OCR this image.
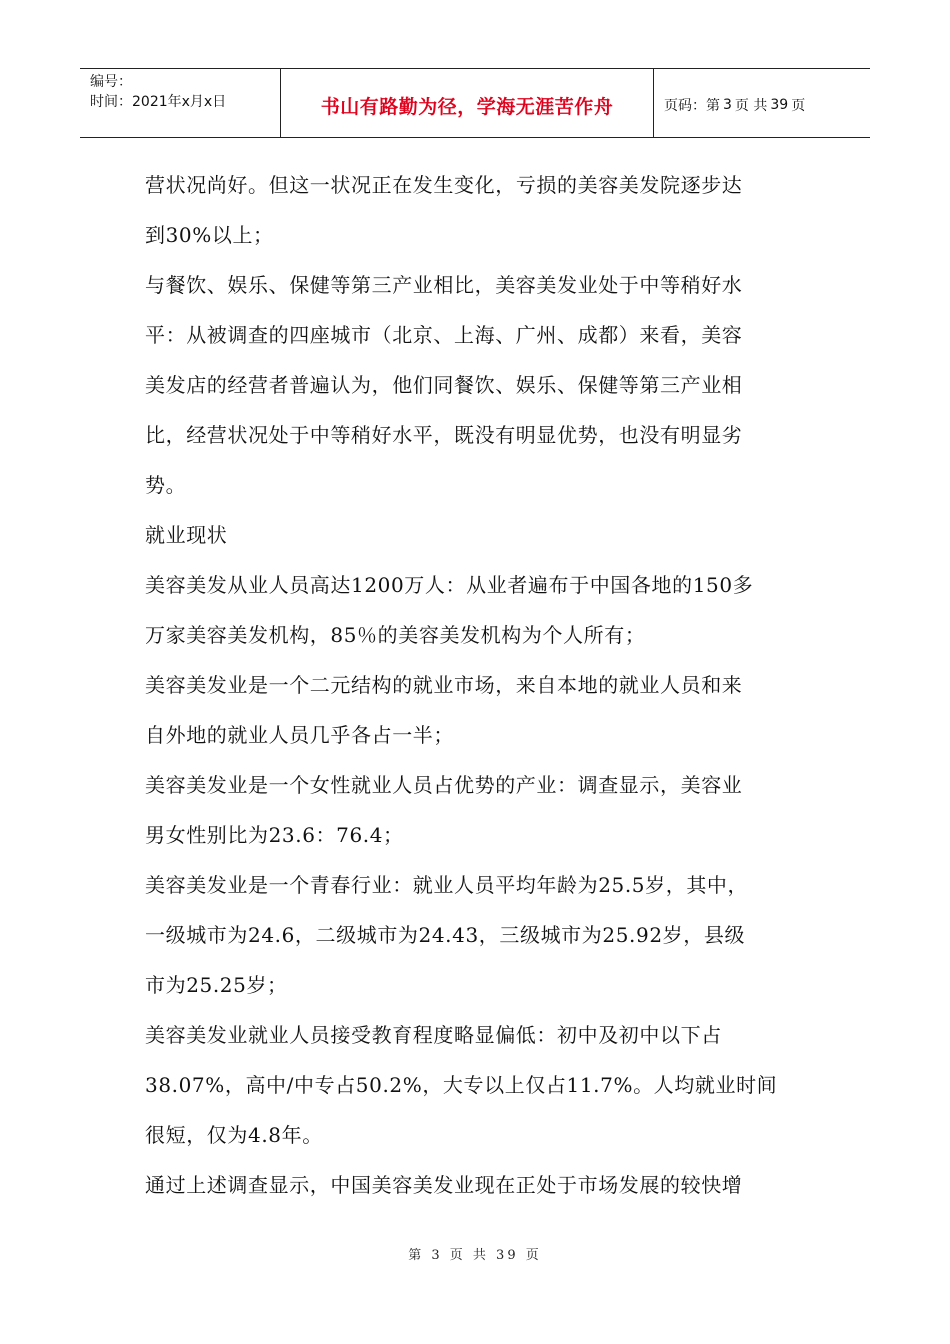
编号：
时间：2021年x月x日	书山有路勤为径，学海无涯苦作舟	页码：第 3 页 共 39 页
营状况尚好。但这一状况正在发生变化，亏损的美容美发院逐步达
到30%以上；
与餐饮、娱乐、保健等第三产业相比，美容美发业处于中等稍好水
平：从被调查的四座城市（北京、上海、广州、成都）来看，美容
美发店的经营者普遍认为，他们同餐饮、娱乐、保健等第三产业相
比，经营状况处于中等稍好水平，既没有明显优势，也没有明显劣
势。
就业现状
美容美发从业人员高达1200万人：从业者遍布于中国各地的150多
万家美容美发机构，85％的美容美发机构为个人所有；
美容美发业是一个二元结构的就业市场，来自本地的就业人员和来
自外地的就业人员几乎各占一半；
美容美发业是一个女性就业人员占优势的产业：调查显示，美容业
男女性别比为23.6：76.4；
美容美发业是一个青春行业：就业人员平均年龄为25.5岁，其中，
一级城市为24.6，二级城市为24.43，三级城市为25.92岁，县级
市为25.25岁；
美容美发业就业人员接受教育程度略显偏低：初中及初中以下占
38.07%，高中/中专占50.2%，大专以上仅占11.7%。人均就业时间
很短，仅为4.8年。
通过上述调查显示，中国美容美发业现在正处于市场发展的较快增
第 3 页 共 39 页
